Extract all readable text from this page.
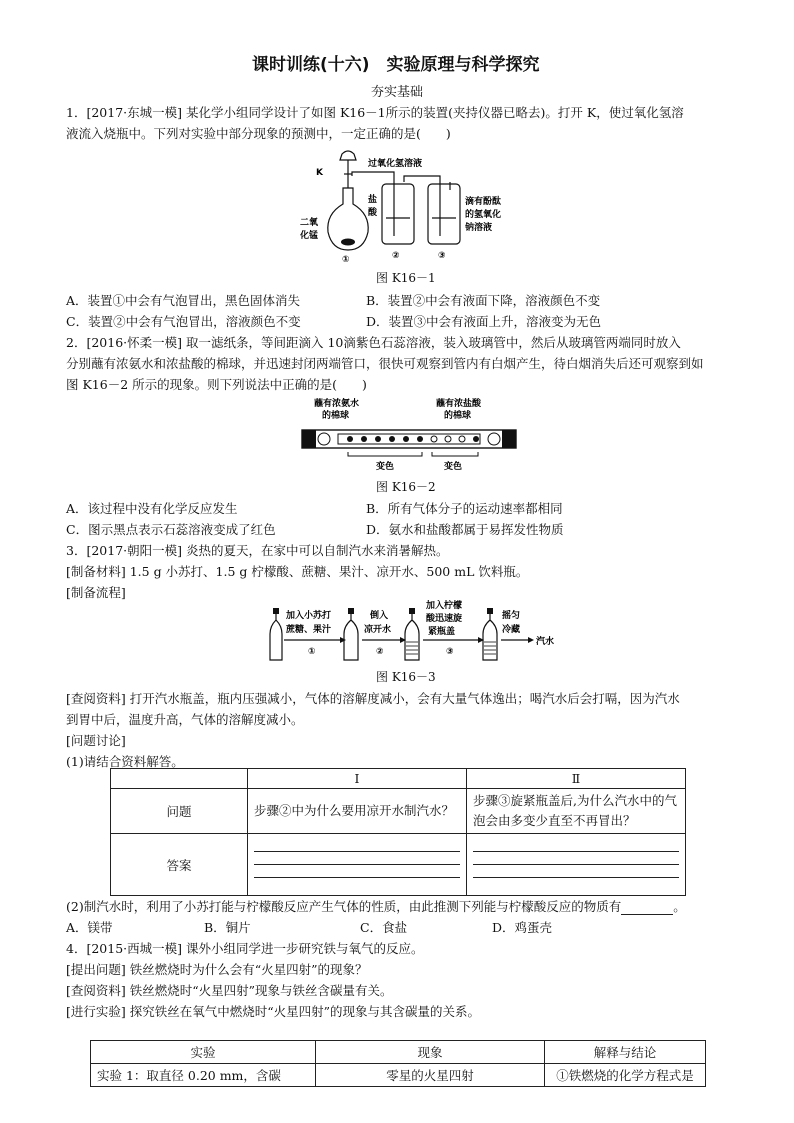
课时训练(十六)　实验原理与科学探究
夯实基础
1．[2017·东城一模] 某化学小组同学设计了如图 K16－1所示的装置(夹持仪器已略去)。打开 K，使过氧化氢溶
液流入烧瓶中。下列对实验中部分现象的预测中，一定正确的是(　　)
K
过氧化氢溶液
二氧
化锰
盐
酸
滴有酚酞
的氢氧化
钠溶液
①	②	③
图 K16－1
A．装置①中会有气泡冒出，黑色固体消失	B．装置②中会有液面下降，溶液颜色不变
C．装置②中会有气泡冒出，溶液颜色不变	D．装置③中会有液面上升，溶液变为无色
2．[2016·怀柔一模] 取一滤纸条，等间距滴入 10滴紫色石蕊溶液，装入玻璃管中，然后从玻璃管两端同时放入
分别蘸有浓氨水和浓盐酸的棉球，并迅速封闭两端管口，很快可观察到管内有白烟产生，待白烟消失后还可观察到如
图 K16－2 所示的现象。则下列说法中正确的是(　　)
蘸有浓氨水
的棉球
蘸有浓盐酸
的棉球
变色	变色
图 K16－2
A．该过程中没有化学反应发生	B．所有气体分子的运动速率都相同
C．图示黑点表示石蕊溶液变成了红色	D．氨水和盐酸都属于易挥发性物质
3．[2017·朝阳一模] 炎热的夏天，在家中可以自制汽水来消暑解热。
[制备材料] 1.5 g 小苏打、1.5 g 柠檬酸、蔗糖、果汁、凉开水、500 mL 饮料瓶。
[制备流程]
加入小苏打
蔗糖、果汁
倒入
凉开水
加入柠檬
酸迅速旋
紧瓶盖
摇匀
冷藏
汽水
①	②	③
图 K16－3
[查阅资料] 打开汽水瓶盖，瓶内压强减小，气体的溶解度减小，会有大量气体逸出；喝汽水后会打嗝，因为汽水
到胃中后，温度升高，气体的溶解度减小。
[问题讨论]
(1)请结合资料解答。
	Ⅰ	Ⅱ
问题	步骤②中为什么要用凉开水制汽水？	步骤③旋紧瓶盖后,为什么汽水中的气泡会由多变少直至不再冒出？
答案	

(2)制汽水时，利用了小苏打能与柠檬酸反应产生气体的性质，由此推测下列能与柠檬酸反应的物质有	。
A．镁带	B．铜片	C．食盐	D．鸡蛋壳
4．[2015·西城一模] 课外小组同学进一步研究铁与氧气的反应。
[提出问题] 铁丝燃烧时为什么会有“火星四射”的现象？
[查阅资料] 铁丝燃烧时“火星四射”现象与铁丝含碳量有关。
[进行实验] 探究铁丝在氧气中燃烧时“火星四射”的现象与其含碳量的关系。
实验	现象	解释与结论
实验 1：取直径 0.20 mm，含碳	零星的火星四射	①铁燃烧的化学方程式是
